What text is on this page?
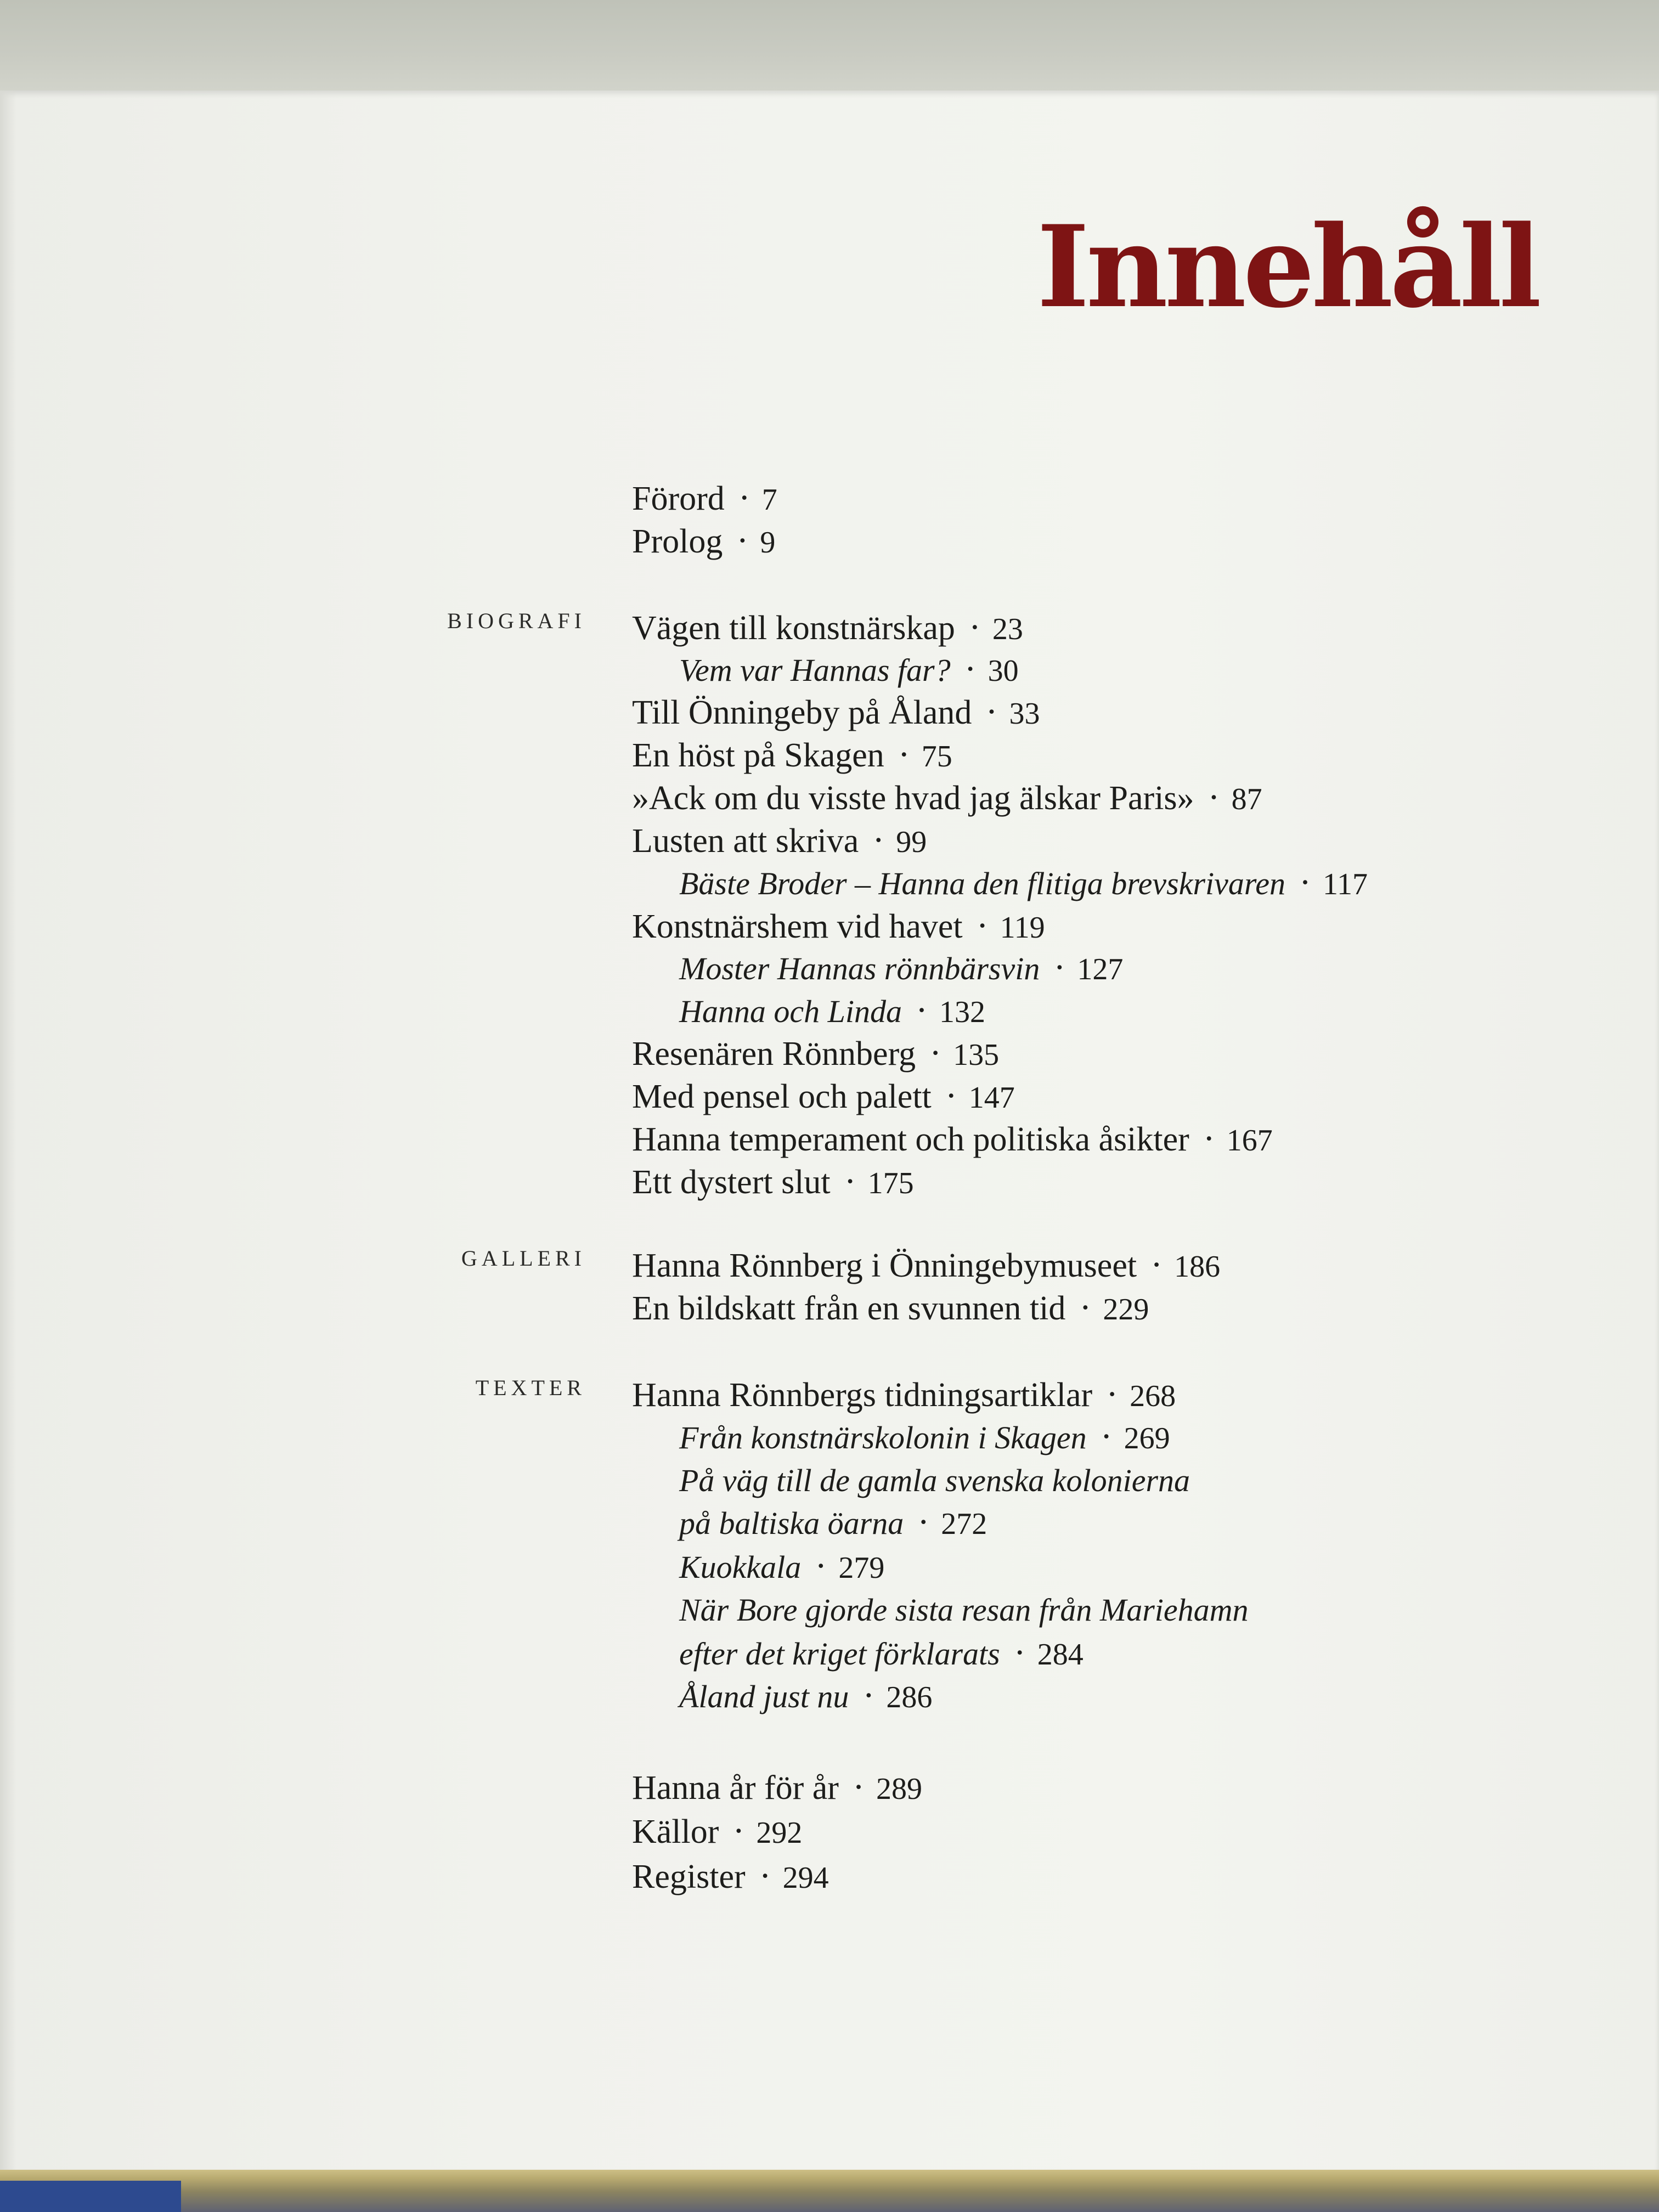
Innehåll
Förord · 7
Prolog · 9
BIOGRAFI Vägen till konstnärskap · 23
Vem var Hannas far? · 30
Till Önningeby på Åland · 33
En höst på Skagen · 75
»Ack om du visste hvad jag älskar Paris» · 87
Lusten att skriva · 99
Bäste Broder – Hanna den flitiga brevskrivaren · 117
Konstnärshem vid havet · 119
Moster Hannas rönnbärsvin · 127
Hanna och Linda · 132
Resenären Rönnberg · 135
Med pensel och palett · 147
Hanna temperament och politiska åsikter · 167
Ett dystert slut · 175
GALLERI Hanna Rönnberg i Önningebymuseet · 186
En bildskatt från en svunnen tid · 229
TEXTER Hanna Rönnbergs tidningsartiklar · 268
Från konstnärskolonin i Skagen · 269
På väg till de gamla svenska kolonierna
på baltiska öarna · 272
Kuokkala · 279
När Bore gjorde sista resan från Mariehamn
efter det kriget förklarats · 284
Åland just nu · 286
Hanna år för år · 289
Källor · 292
Register · 294
